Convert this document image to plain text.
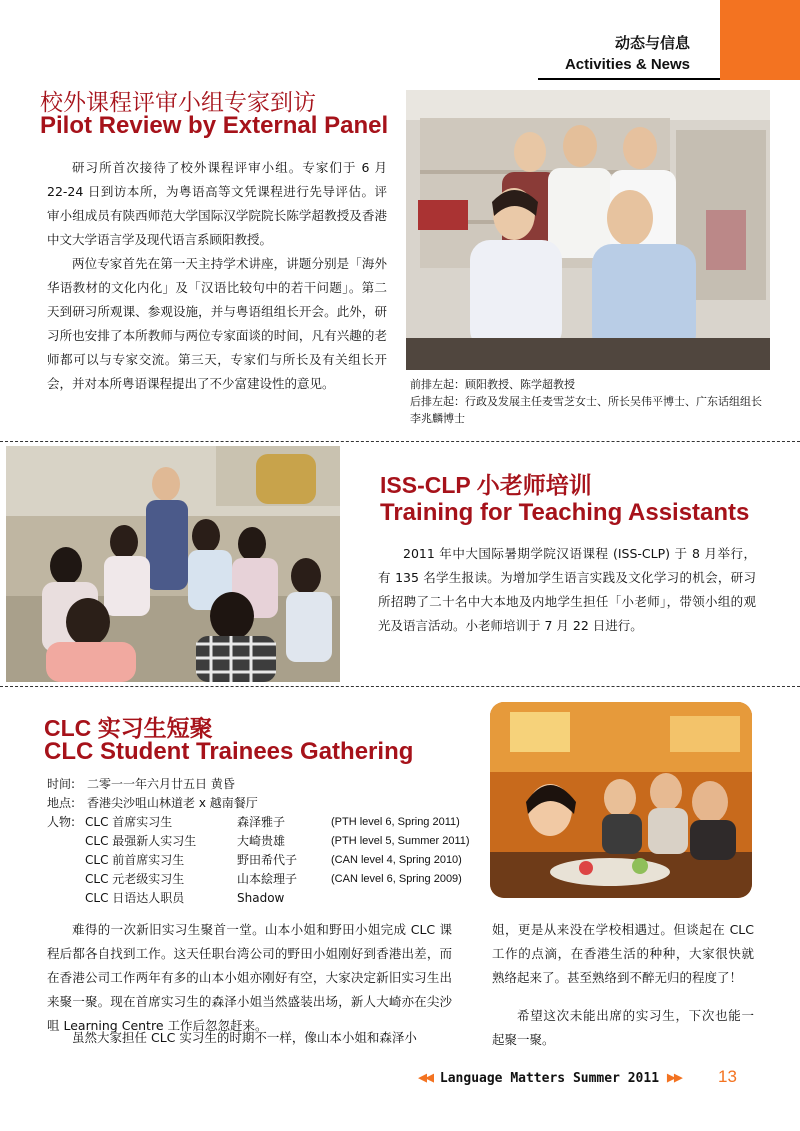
动态与信息
Activities & News
校外课程评审小组专家到访
Pilot Review by External Panel
研习所首次接待了校外课程评审小组。专家们于 6 月 22-24 日到访本所，为粤语高等文凭课程进行先导评估。评审小组成员有陕西师范大学国际汉学院院长陈学超教授及香港中文大学语言学及现代语言系顾阳教授。
两位专家首先在第一天主持学术讲座，讲题分别是「海外华语教材的文化内化」及「汉语比较句中的若干问题」。第二天到研习所观课、参观设施，并与粤语组组长开会。此外，研习所也安排了本所教师与两位专家面谈的时间，凡有兴趣的老师都可以与专家交流。第三天，专家们与所长及有关组长开会，并对本所粤语课程提出了不少富建设性的意见。	前排左起：顾阳教授、陈学超教授
后排左起：行政及发展主任麦雪芝女士、所长吴伟平博士、广东话组组长李兆麟博士
ISS-CLP 小老师培训
Training for Teaching Assistants
2011 年中大国际暑期学院汉语课程 (ISS-CLP) 于 8 月举行，有 135 名学生报读。为增加学生语言实践及文化学习的机会，研习所招聘了二十名中大本地及内地学生担任「小老师」，带领小组的观光及语言活动。小老师培训于 7 月 22 日进行。
CLC 实习生短聚
CLC Student Trainees Gathering
时间: 二零一一年六月廿五日 黄昏
地点: 香港尖沙咀山林道老 x 越南餐厅
人物: CLC 首席实习生	森泽雅子	(PTH level 6, Spring 2011)
CLC 最强新人实习生	大崎贵雄	(PTH level 5, Summer 2011)
CLC 前首席实习生	野田希代子	(CAN level 4, Spring 2010)
CLC 元老级实习生	山本絵理子	(CAN level 6, Spring 2009)
CLC 日语达人职员	Shadow
难得的一次新旧实习生聚首一堂。山本小姐和野田小姐完成 CLC 课程后都各自找到工作。这天任职台湾公司的野田小姐刚好到香港出差，而在香港公司工作两年有多的山本小姐亦刚好有空，大家决定新旧实习生出来聚一聚。现在首席实习生的森泽小姐当然盛装出场，新人大崎亦在尖沙咀 Learning Centre 工作后忽忽赶来。
虽然大家担任 CLC 实习生的时期不一样，像山本小姐和森泽小
姐，更是从来没在学校相遇过。但谈起在 CLC 工作的点滴，在香港生活的种种，大家很快就熟络起来了。甚至熟络到不醉无归的程度了！
希望这次未能出席的实习生，下次也能一起聚一聚。
◀◀ Language Matters Summer 2011 ▶▶ 13
